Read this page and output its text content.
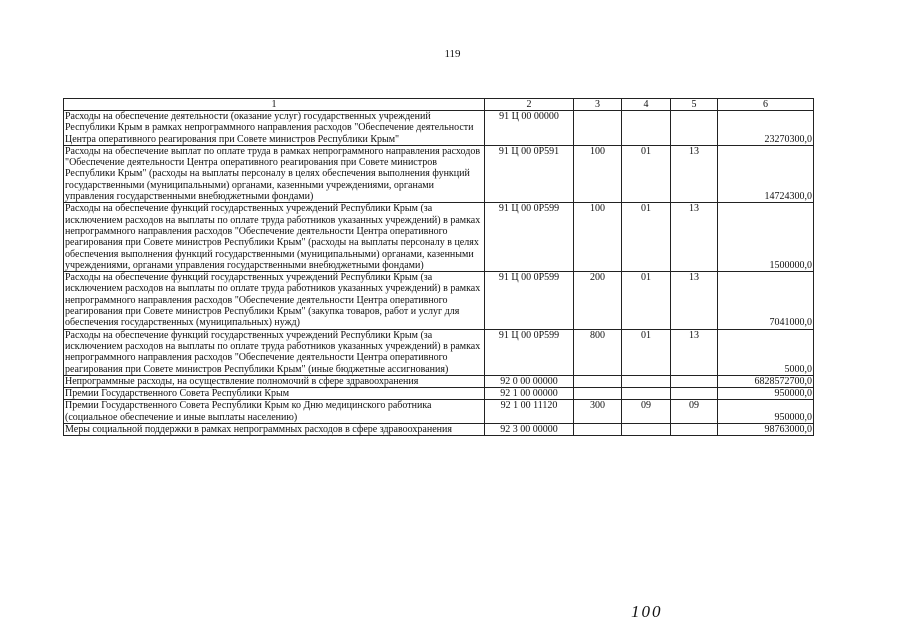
119
1	2	3	4	5	6
Расходы на обеспечение деятельности (оказание услуг) государственных учреждений Республики Крым в рамках непрограммного направления расходов "Обеспечение деятельности Центра оперативного реагирования при Совете министров Республики Крым"	91 Ц 00 00000				23270300,0
Расходы на обеспечение выплат по оплате труда в рамках непрограммного направления расходов "Обеспечение деятельности Центра оперативного реагирования при Совете министров Республики Крым" (расходы на выплаты персоналу в целях обеспечения выполнения функций государственными (муниципальными) органами, казенными учреждениями, органами управления государственными внебюджетными фондами)	91 Ц 00 0Р591	100	01	13	14724300,0
Расходы на обеспечение функций государственных учреждений Республики Крым (за исключением расходов на выплаты по оплате труда работников указанных учреждений) в рамках непрограммного направления расходов "Обеспечение деятельности Центра оперативного реагирования при Совете министров Республики Крым" (расходы на выплаты персоналу в целях обеспечения выполнения функций государственными (муниципальными) органами, казенными учреждениями, органами управления государственными внебюджетными фондами)	91 Ц 00 0Р599	100	01	13	1500000,0
Расходы на обеспечение функций государственных учреждений Республики Крым (за исключением расходов на выплаты по оплате труда работников указанных учреждений) в рамках непрограммного направления расходов "Обеспечение деятельности Центра оперативного реагирования при Совете министров Республики Крым" (закупка товаров, работ и услуг для обеспечения государственных (муниципальных) нужд)	91 Ц 00 0Р599	200	01	13	7041000,0
Расходы на обеспечение функций государственных учреждений Республики Крым (за исключением расходов на выплаты по оплате труда работников указанных учреждений) в рамках непрограммного направления расходов "Обеспечение деятельности Центра оперативного реагирования при Совете министров Республики Крым" (иные бюджетные ассигнования)	91 Ц 00 0Р599	800	01	13	5000,0
Непрограммные расходы, на осуществление полномочий в сфере здравоохранения	92 0 00 00000				6828572700,0
Премии Государственного Совета Республики Крым	92 1 00 00000				950000,0
Премии Государственного Совета Республики Крым ко Дню медицинского работника (социальное обеспечение и иные выплаты населению)	92 1 00 11120	300	09	09	950000,0
Меры социальной поддержки в рамках непрограммных расходов в сфере здравоохранения	92 3 00 00000				98763000,0
100
